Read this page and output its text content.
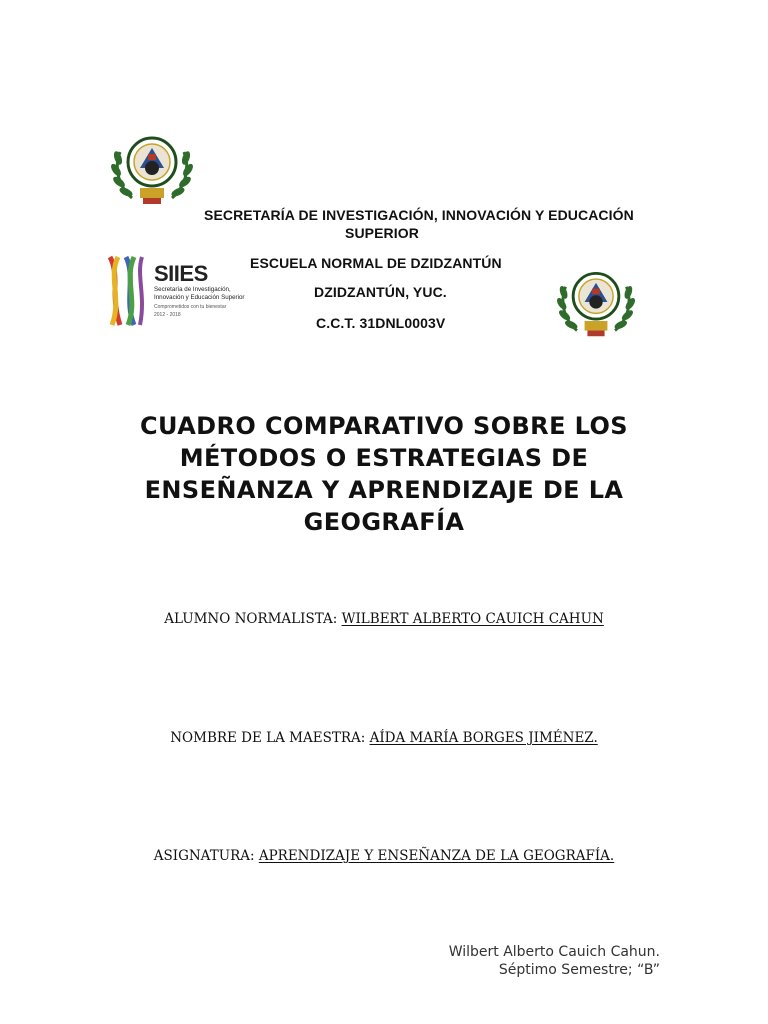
SECRETARÍA DE INVESTIGACIÓN, INNOVACIÓN Y EDUCACIÓN
SUPERIOR
ESCUELA NORMAL DE DZIDZANTÚN
DZIDZANTÚN, YUC.
C.C.T. 31DNL0003V
SIIES
Secretaría de Investigación,
Innovación y Educación Superior
Comprometidos con tu bienestar
2012 - 2018
CUADRO COMPARATIVO SOBRE LOS
MÉTODOS O ESTRATEGIAS DE
ENSEÑANZA Y APRENDIZAJE DE LA
GEOGRAFÍA
ALUMNO NORMALISTA: WILBERT ALBERTO CAUICH CAHUN
NOMBRE DE LA MAESTRA: AÍDA MARÍA BORGES JIMÉNEZ.
ASIGNATURA: APRENDIZAJE Y ENSEÑANZA DE LA GEOGRAFÍA.
Wilbert Alberto Cauich Cahun.
Séptimo Semestre; “B”
